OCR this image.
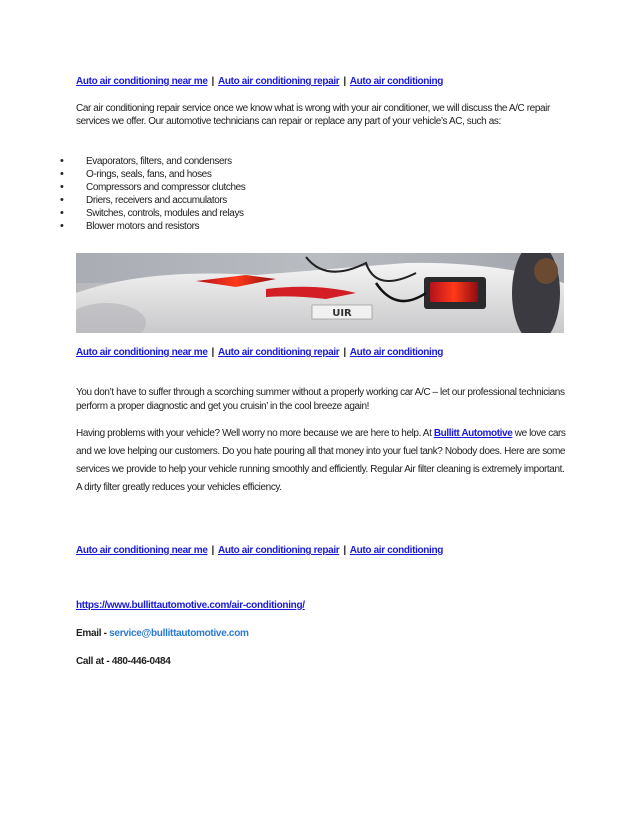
Auto air conditioning near me | Auto air conditioning repair | Auto air conditioning
Car air conditioning repair service once we know what is wrong with your air conditioner, we will discuss the A/C repair services we offer. Our automotive technicians can repair or replace any part of your vehicle’s AC, such as:
• Evaporators, filters, and condensers
• O-rings, seals, fans, and hoses
• Compressors and compressor clutches
• Driers, receivers and accumulators
• Switches, controls, modules and relays
• Blower motors and resistors
UIR
Auto air conditioning near me | Auto air conditioning repair | Auto air conditioning
You don’t have to suffer through a scorching summer without a properly working car A/C – let our professional technicians perform a proper diagnostic and get you cruisin’ in the cool breeze again!
Having problems with your vehicle? Well worry no more because we are here to help. At Bullitt Automotive we love cars and we love helping our customers. Do you hate pouring all that money into your fuel tank? Nobody does. Here are some services we provide to help your vehicle running smoothly and efficiently. Regular Air filter cleaning is extremely important. A dirty filter greatly reduces your vehicles efficiency.
Auto air conditioning near me | Auto air conditioning repair | Auto air conditioning
https://www.bullittautomotive.com/air-conditioning/
Email - service@bullittautomotive.com
Call at - 480-446-0484
